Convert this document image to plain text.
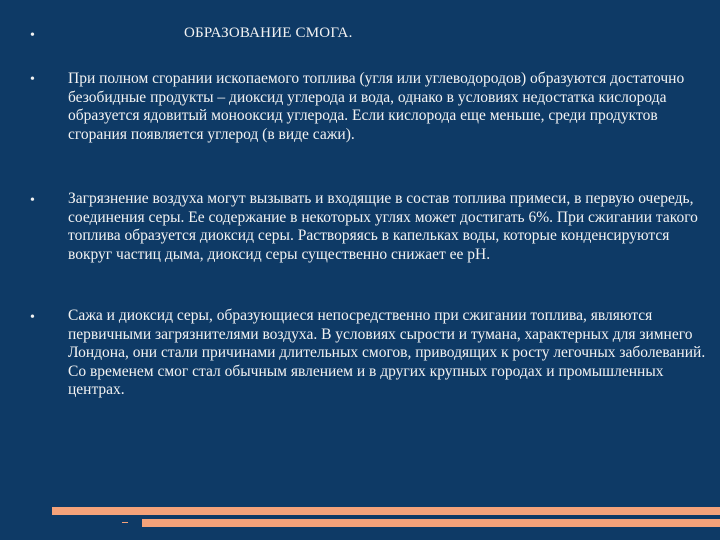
•	ОБРАЗОВАНИЕ СМОГА.
• При полном сгорании ископаемого топлива (угля или углеводородов) образуются достаточно безобидные продукты – диоксид углерода и вода, однако в условиях недостатка кислорода образуется ядовитый монооксид углерода. Если кислорода еще меньше, среди продуктов сгорания появляется углерод (в виде сажи).
• Загрязнение воздуха могут вызывать и входящие в состав топлива примеси, в первую очередь, соединения серы. Ее содержание в некоторых углях может достигать 6%. При сжигании такого топлива образуется диоксид серы. Растворяясь в капельках воды, которые конденсируются вокруг частиц дыма, диоксид серы существенно снижает ее рН.
• Сажа и диоксид серы, образующиеся непосредственно при сжигании топлива, являются первичными загрязнителями воздуха. В условиях сырости и тумана, характерных для зимнего Лондона, они стали причинами длительных смогов, приводящих к росту легочных заболеваний. Со временем смог стал обычным явлением и в других крупных городах и промышленных центрах.
